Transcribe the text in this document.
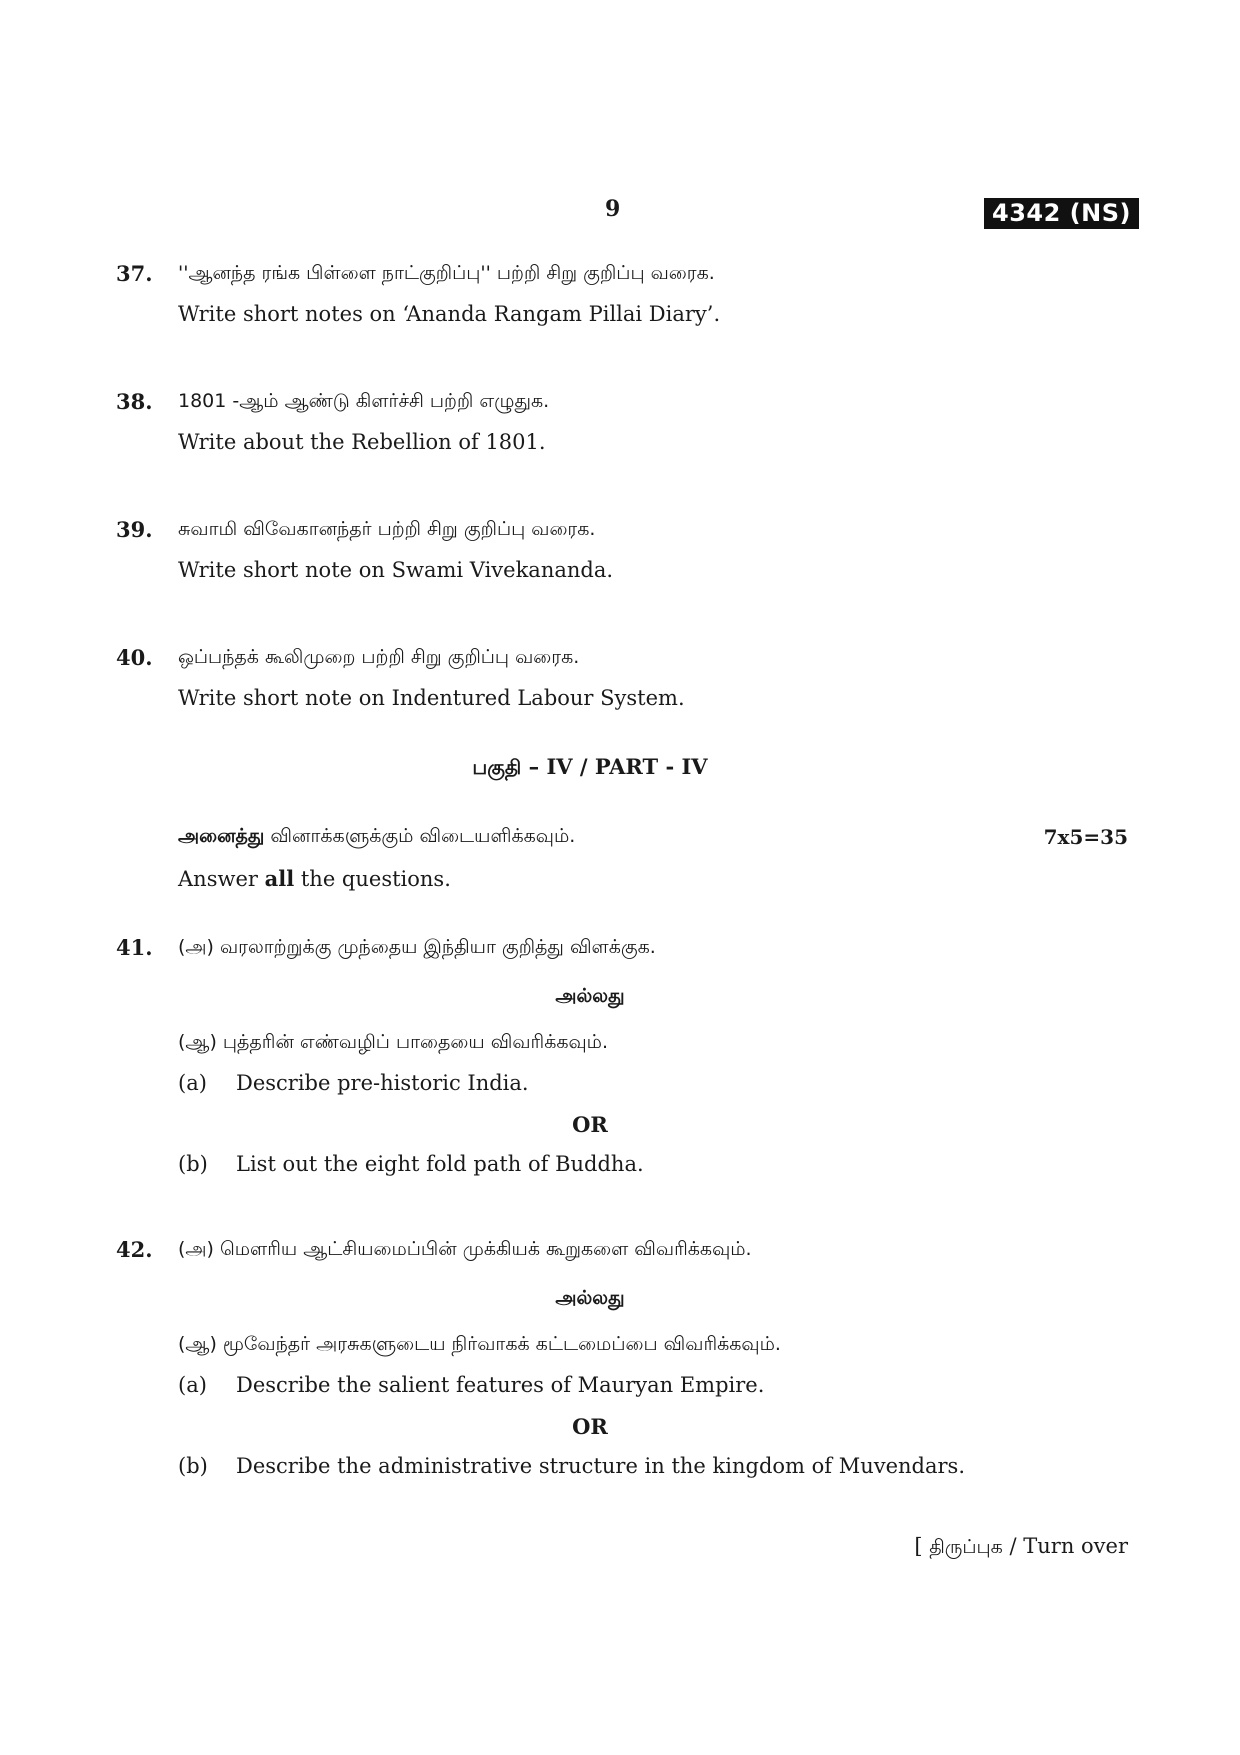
9	4342 (NS)
37. ''ஆனந்த ரங்க பிள்ளை நாட்குறிப்பு'' பற்றி சிறு குறிப்பு வரைக.
Write short notes on ‘Ananda Rangam Pillai Diary’.
38. 1801 -ஆம் ஆண்டு கிளர்ச்சி பற்றி எழுதுக.
Write about the Rebellion of 1801.
39. சுவாமி விவேகானந்தர் பற்றி சிறு குறிப்பு வரைக.
Write short note on Swami Vivekananda.
40. ஒப்பந்தக் கூலிமுறை பற்றி சிறு குறிப்பு வரைக.
Write short note on Indentured Labour System.
பகுதி – IV / PART - IV
அனைத்து வினாக்களுக்கும் விடையளிக்கவும்.	7x5=35
Answer all the questions.
41. (அ) வரலாற்றுக்கு முந்தைய இந்தியா குறித்து விளக்குக.
அல்லது
(ஆ) புத்தரின் எண்வழிப் பாதையை விவரிக்கவும்.
(a) Describe pre-historic India.
OR
(b) List out the eight fold path of Buddha.
42. (அ) மௌரிய ஆட்சியமைப்பின் முக்கியக் கூறுகளை விவரிக்கவும்.
அல்லது
(ஆ) மூவேந்தர் அரசுகளுடைய நிர்வாகக் கட்டமைப்பை விவரிக்கவும்.
(a) Describe the salient features of Mauryan Empire.
OR
(b) Describe the administrative structure in the kingdom of Muvendars.
[ திருப்புக / Turn over
